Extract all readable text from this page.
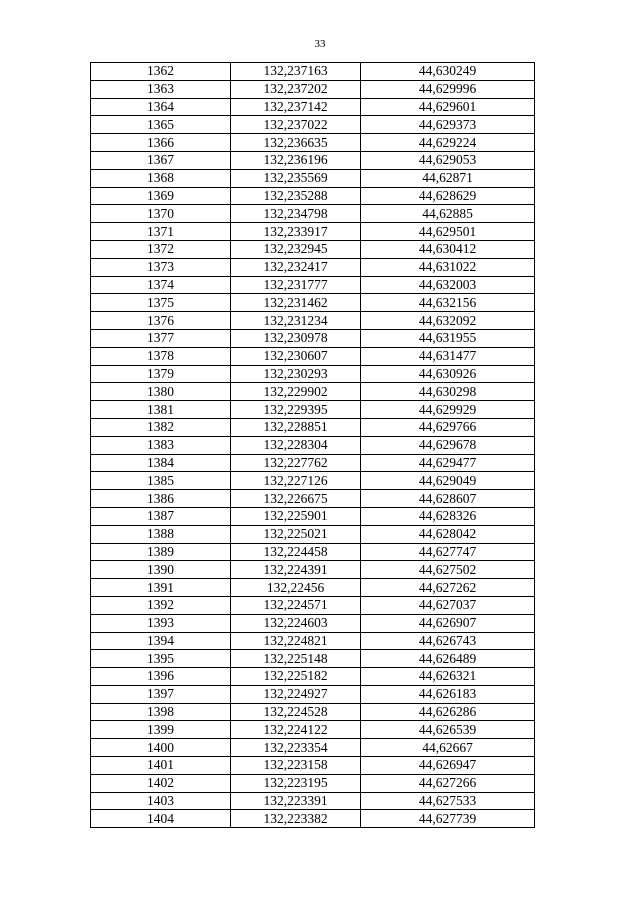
33
1362	132,237163	44,630249
1363	132,237202	44,629996
1364	132,237142	44,629601
1365	132,237022	44,629373
1366	132,236635	44,629224
1367	132,236196	44,629053
1368	132,235569	44,62871
1369	132,235288	44,628629
1370	132,234798	44,62885
1371	132,233917	44,629501
1372	132,232945	44,630412
1373	132,232417	44,631022
1374	132,231777	44,632003
1375	132,231462	44,632156
1376	132,231234	44,632092
1377	132,230978	44,631955
1378	132,230607	44,631477
1379	132,230293	44,630926
1380	132,229902	44,630298
1381	132,229395	44,629929
1382	132,228851	44,629766
1383	132,228304	44,629678
1384	132,227762	44,629477
1385	132,227126	44,629049
1386	132,226675	44,628607
1387	132,225901	44,628326
1388	132,225021	44,628042
1389	132,224458	44,627747
1390	132,224391	44,627502
1391	132,22456	44,627262
1392	132,224571	44,627037
1393	132,224603	44,626907
1394	132,224821	44,626743
1395	132,225148	44,626489
1396	132,225182	44,626321
1397	132,224927	44,626183
1398	132,224528	44,626286
1399	132,224122	44,626539
1400	132,223354	44,62667
1401	132,223158	44,626947
1402	132,223195	44,627266
1403	132,223391	44,627533
1404	132,223382	44,627739
